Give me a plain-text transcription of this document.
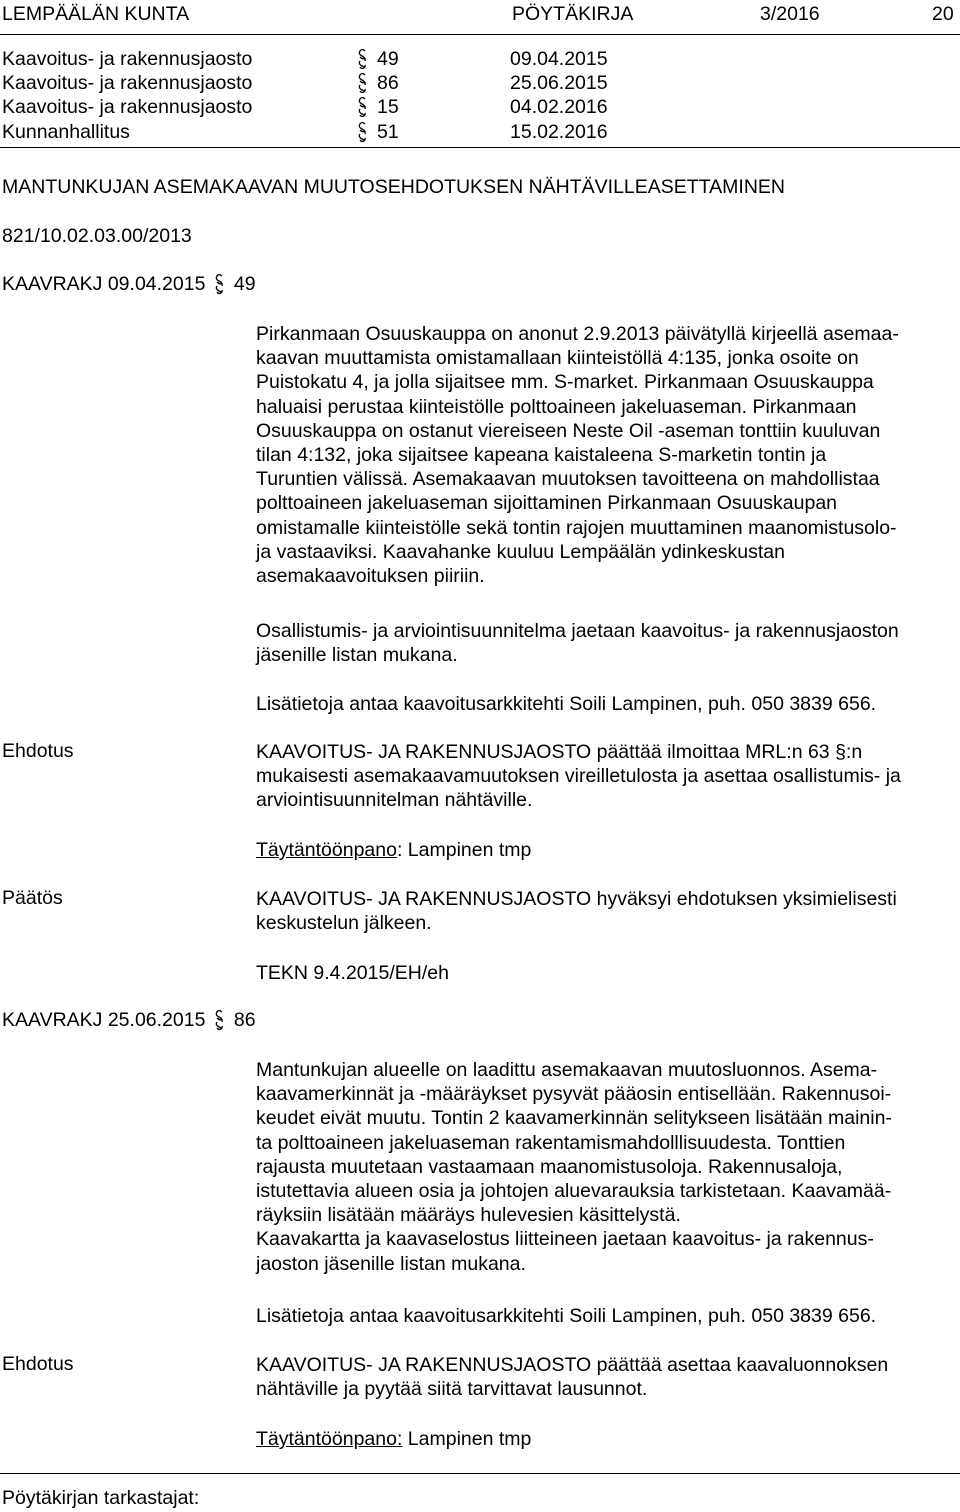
LEMPÄÄLÄN KUNTA	PÖYTÄKIRJA	3/2016	20
Kaavoitus- ja rakennusjaosto	49	09.04.2015
Kaavoitus- ja rakennusjaosto	86	25.06.2015
Kaavoitus- ja rakennusjaosto	15	04.02.2016
Kunnanhallitus	51	15.02.2016
MANTUNKUJAN ASEMAKAAVAN MUUTOSEHDOTUKSEN NÄHTÄVILLEASETTAMINEN
821/10.02.03.00/2013
KAAVRAKJ 09.04.2015 49
Pirkanmaan Osuuskauppa on anonut 2.9.2013 päivätyllä kirjeellä asemaa-
kaavan muuttamista omistamallaan kiinteistöllä 4:135, jonka osoite on
Puistokatu 4, ja jolla sijaitsee mm. S-market. Pirkanmaan Osuuskauppa
haluaisi perustaa kiinteistölle polttoaineen jakeluaseman. Pirkanmaan
Osuuskauppa on ostanut viereiseen Neste Oil -aseman tonttiin kuuluvan
tilan 4:132, joka sijaitsee kapeana kaistaleena S-marketin tontin ja
Turuntien välissä. Asemakaavan muutoksen tavoitteena on mahdollistaa
polttoaineen jakeluaseman sijoittaminen Pirkanmaan Osuuskaupan
omistamalle kiinteistölle sekä tontin rajojen muuttaminen maanomistusolo-
ja vastaaviksi. Kaavahanke kuuluu Lempäälän ydinkeskustan
asemakaavoituksen piiriin.
Osallistumis- ja arviointisuunnitelma jaetaan kaavoitus- ja rakennusjaoston
jäsenille listan mukana.
Lisätietoja antaa kaavoitusarkkitehti Soili Lampinen, puh. 050 3839 656.
Ehdotus	KAAVOITUS- JA RAKENNUSJAOSTO päättää ilmoittaa MRL:n 63 §:n
mukaisesti asemakaavamuutoksen vireilletulosta ja asettaa osallistumis- ja
arviointisuunnitelman nähtäville.
Täytäntöönpano: Lampinen tmp
Päätös	KAAVOITUS- JA RAKENNUSJAOSTO hyväksyi ehdotuksen yksimielisesti
keskustelun jälkeen.
TEKN 9.4.2015/EH/eh
KAAVRAKJ 25.06.2015 86
Mantunkujan alueelle on laadittu asemakaavan muutosluonnos. Asema-
kaavamerkinnät ja -määräykset pysyvät pääosin entisellään. Rakennusoi-
keudet eivät muutu. Tontin 2 kaavamerkinnän selitykseen lisätään mainin-
ta polttoaineen jakeluaseman rakentamismahdolllisuudesta. Tonttien
rajausta muutetaan vastaamaan maanomistusoloja. Rakennusaloja,
istutettavia alueen osia ja johtojen aluevarauksia tarkistetaan. Kaavamää-
räyksiin lisätään määräys hulevesien käsittelystä.
Kaavakartta ja kaavaselostus liitteineen jaetaan kaavoitus- ja rakennus-
jaoston jäsenille listan mukana.
Lisätietoja antaa kaavoitusarkkitehti Soili Lampinen, puh. 050 3839 656.
Ehdotus	KAAVOITUS- JA RAKENNUSJAOSTO päättää asettaa kaavaluonnoksen
nähtäville ja pyytää siitä tarvittavat lausunnot.
Täytäntöönpano: Lampinen tmp
Pöytäkirjan tarkastajat:
